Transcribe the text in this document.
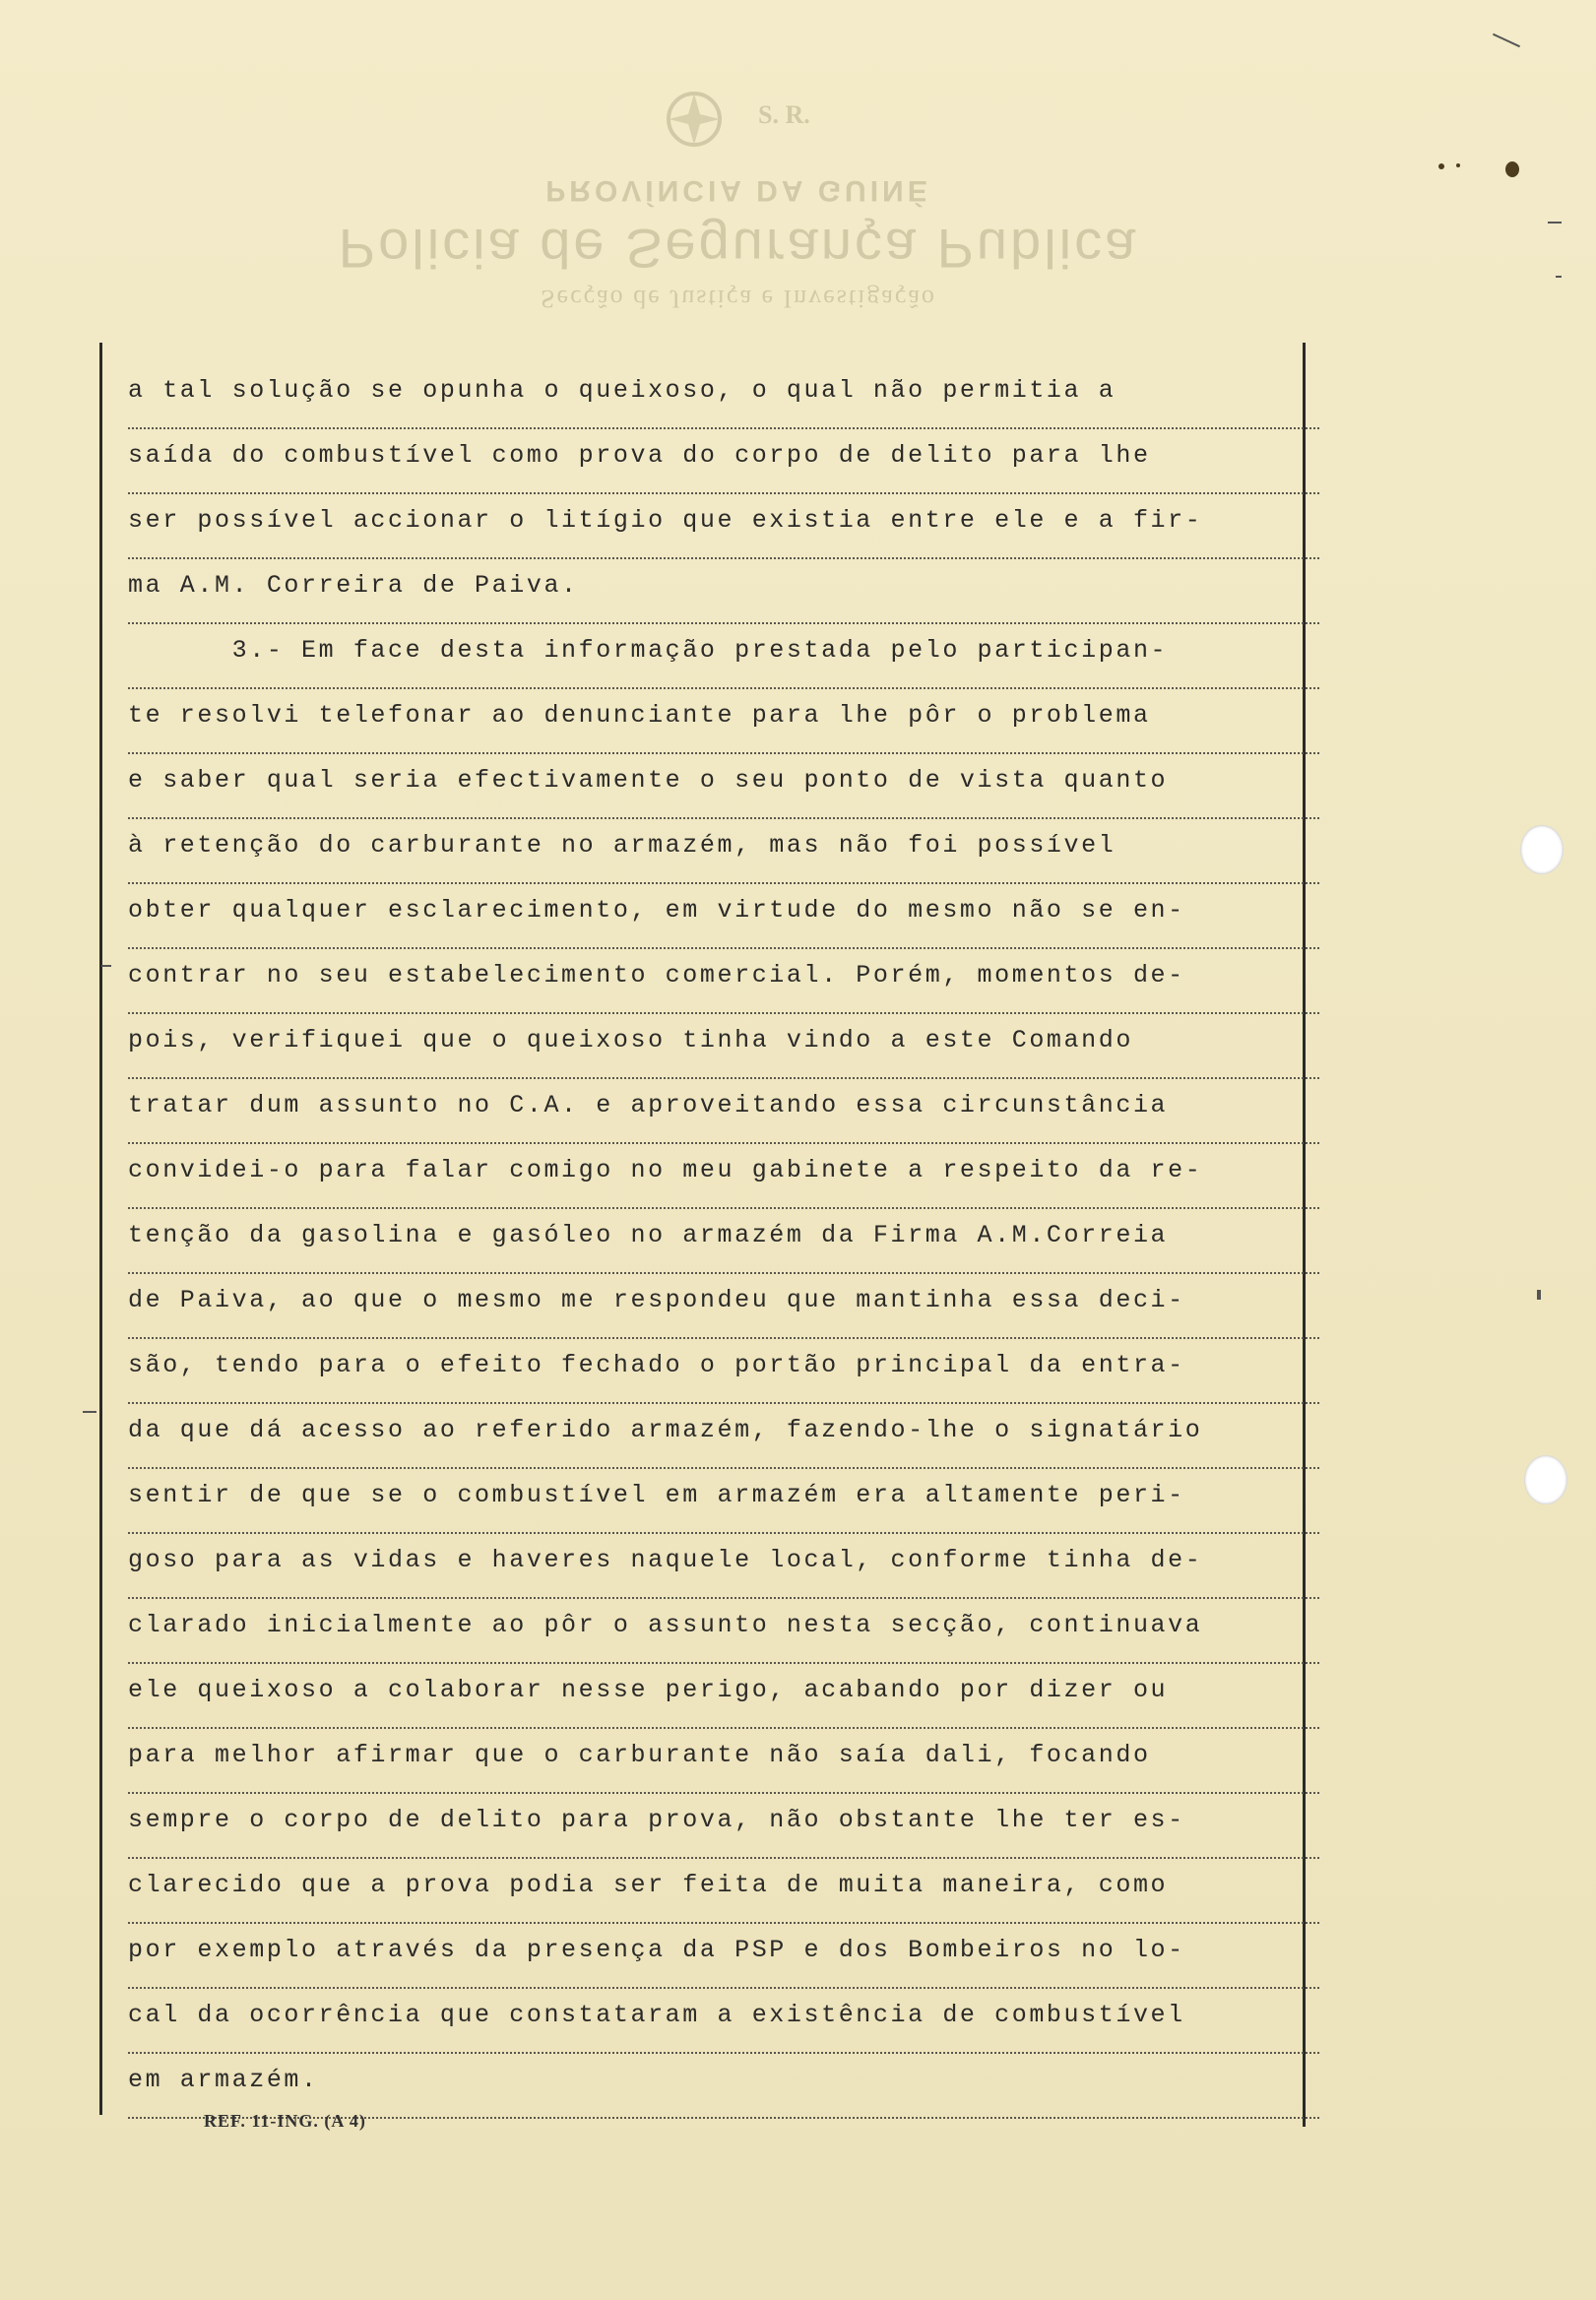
S. R.
PROVÍNCIA DA GUINÉ
Policia de Segurança Publica
Secção de Justiça e Investigação
a tal solução se opunha o queixoso, o qual não permitia a
saída do combustível como prova do corpo de delito para lhe
ser possível accionar o litígio que existia entre ele e a fir-
ma A.M. Correira de Paiva.
3.- Em face desta informação prestada pelo participan-
te resolvi telefonar ao denunciante para lhe pôr o problema
e saber qual seria efectivamente o seu ponto de vista quanto
à retenção do carburante no armazém, mas não foi possível
obter qualquer esclarecimento, em virtude do mesmo não se en-
contrar no seu estabelecimento comercial. Porém, momentos de-
pois, verifiquei que o queixoso tinha vindo a este Comando
tratar dum assunto no C.A. e aproveitando essa circunstância
convidei-o para falar comigo no meu gabinete a respeito da re-
tenção da gasolina e gasóleo no armazém da Firma A.M.Correia
de Paiva, ao que o mesmo me respondeu que mantinha essa deci-
são, tendo para o efeito fechado o portão principal da entra-
da que dá acesso ao referido armazém, fazendo-lhe o signatário
sentir de que se o combustível em armazém era altamente peri-
goso para as vidas e haveres naquele local, conforme tinha de-
clarado inicialmente ao pôr o assunto nesta secção, continuava
ele queixoso a colaborar nesse perigo, acabando por dizer ou
para melhor afirmar que o carburante não saía dali, focando
sempre o corpo de delito para prova, não obstante lhe ter es-
clarecido que a prova podia ser feita de muita maneira, como
por exemplo através da presença da PSP e dos Bombeiros no lo-
cal da ocorrência que constataram a existência de combustível
em armazém.
REF. 11-ING. (A 4)
